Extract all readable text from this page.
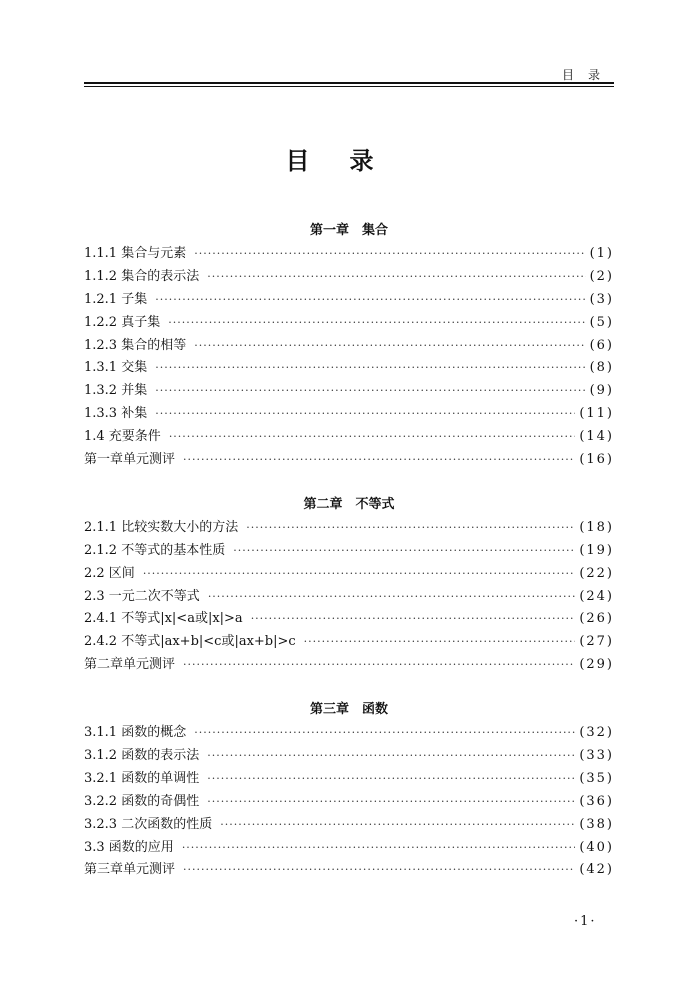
目录
目录
第一章　集合
1.1.1 集合与元素 ·····	(1)
1.1.2 集合的表示法 ·····	(2)
1.2.1 子集 ·····	(3)
1.2.2 真子集 ·····	(5)
1.2.3 集合的相等 ·····	(6)
1.3.1 交集 ·····	(8)
1.3.2 并集 ·····	(9)
1.3.3 补集 ·····	(11)
1.4 充要条件 ·····	(14)
第一章单元测评 ·····	(16)
第二章　不等式
2.1.1 比较实数大小的方法 ·····	(18)
2.1.2 不等式的基本性质 ·····	(19)
2.2 区间 ·····	(22)
2.3 一元二次不等式 ·····	(24)
2.4.1 不等式|x|<a或|x|>a ·····	(26)
2.4.2 不等式|ax+b|<c或|ax+b|>c ·····	(27)
第二章单元测评 ·····	(29)
第三章　函数
3.1.1 函数的概念 ·····	(32)
3.1.2 函数的表示法 ·····	(33)
3.2.1 函数的单调性 ·····	(35)
3.2.2 函数的奇偶性 ·····	(36)
3.2.3 二次函数的性质 ·····	(38)
3.3 函数的应用 ·····	(40)
第三章单元测评 ·····	(42)
·1·
